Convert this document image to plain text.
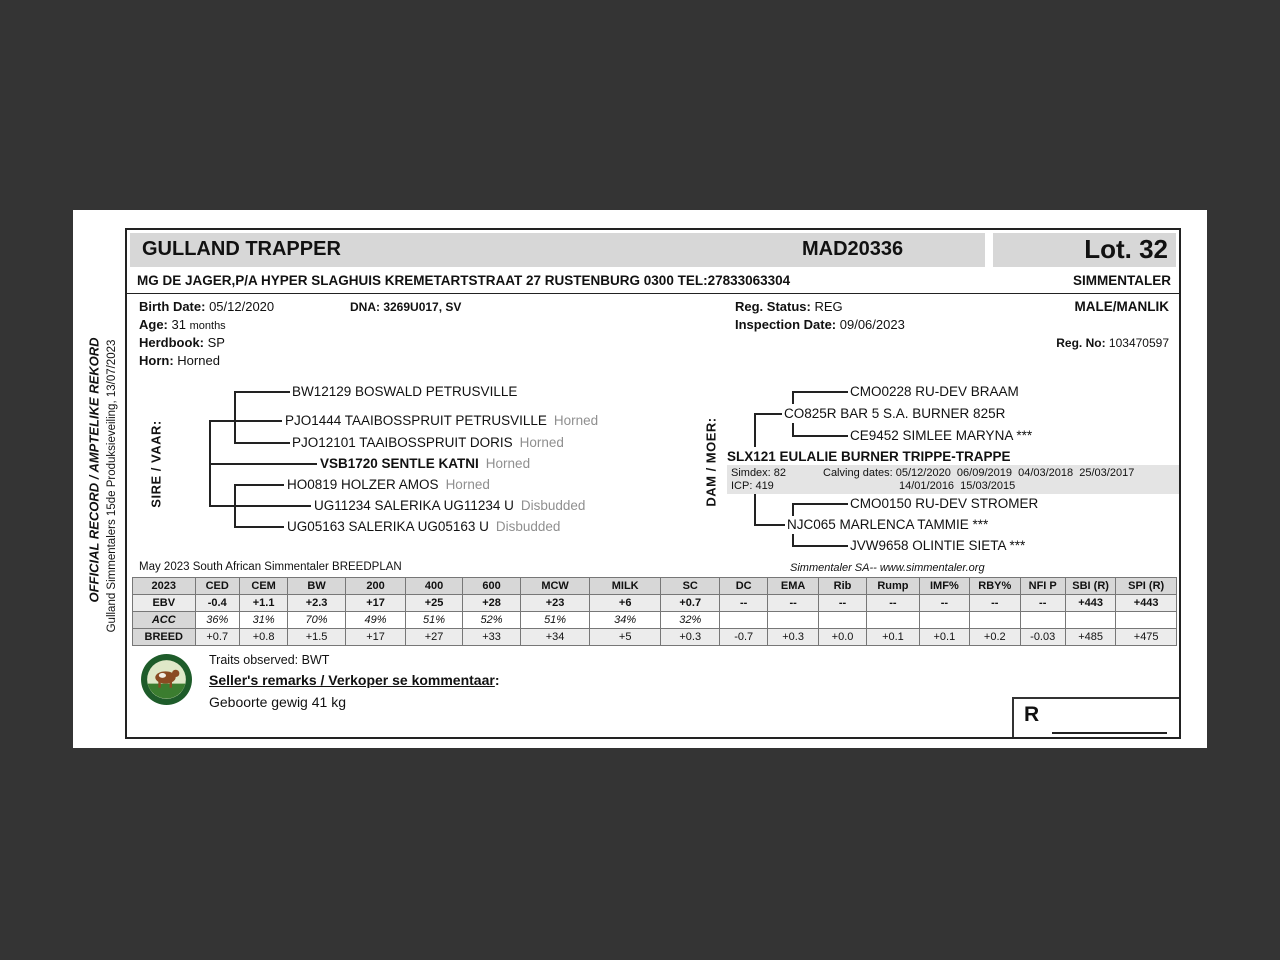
OFFICIAL RECORD / AMPTELIKE REKORD Gulland Simmentalers 15de Produksieveiling, 13/07/2023
GULLAND TRAPPER	MAD20336	Lot. 32
MG DE JAGER,P/A HYPER SLAGHUIS KREMETARTSTRAAT 27 RUSTENBURG 0300 TEL:27833063304	SIMMENTALER
Birth Date: 05/12/2020	DNA: 3269U017, SV	Reg. Status: REG	MALE/MANLIK
Age: 31 months	Inspection Date: 09/06/2023
Herdbook: SP	Reg. No: 103470597
Horn: Horned
SIRE / VAAR:	DAM / MOER:
BW12129 BOSWALD PETRUSVILLE
PJO1444 TAAIBOSSPRUIT PETRUSVILLE Horned
PJO12101 TAAIBOSSPRUIT DORIS Horned
VSB1720 SENTLE KATNI Horned
HO0819 HOLZER AMOS Horned
UG11234 SALERIKA UG11234 U Disbudded
UG05163 SALERIKA UG05163 U Disbudded
CMO0228 RU-DEV BRAAM
CO825R BAR 5 S.A. BURNER 825R
CE9452 SIMLEE MARYNA ***
SLX121 EULALIE BURNER TRIPPE-TRAPPE
CMO0150 RU-DEV STROMER
NJC065 MARLENCA TAMMIE ***
JVW9658 OLINTIE SIETA ***
Simdex: 82	Calving dates: 05/12/2020  06/09/2019  04/03/2018  25/03/2017
ICP: 419	14/01/2016  15/03/2015
May 2023 South African Simmentaler BREEDPLAN	Simmentaler SA-- www.simmentaler.org
2023	CED	CEM	BW	200	400	600	MCW	MILK	SC	DC	EMA	Rib	Rump	IMF%	RBY%	NFI P	SBI (R)	SPI (R)
EBV	-0.4	+1.1	+2.3	+17	+25	+28	+23	+6	+0.7	--	--	--	--	--	--	--	+443	+443
ACC	36%	31%	70%	49%	51%	52%	51%	34%	32%									
BREED	+0.7	+0.8	+1.5	+17	+27	+33	+34	+5	+0.3	-0.7	+0.3	+0.0	+0.1	+0.1	+0.2	-0.03	+485	+475
Traits observed: BWT
Seller's remarks / Verkoper se kommentaar:
Geboorte gewig 41 kg
R
